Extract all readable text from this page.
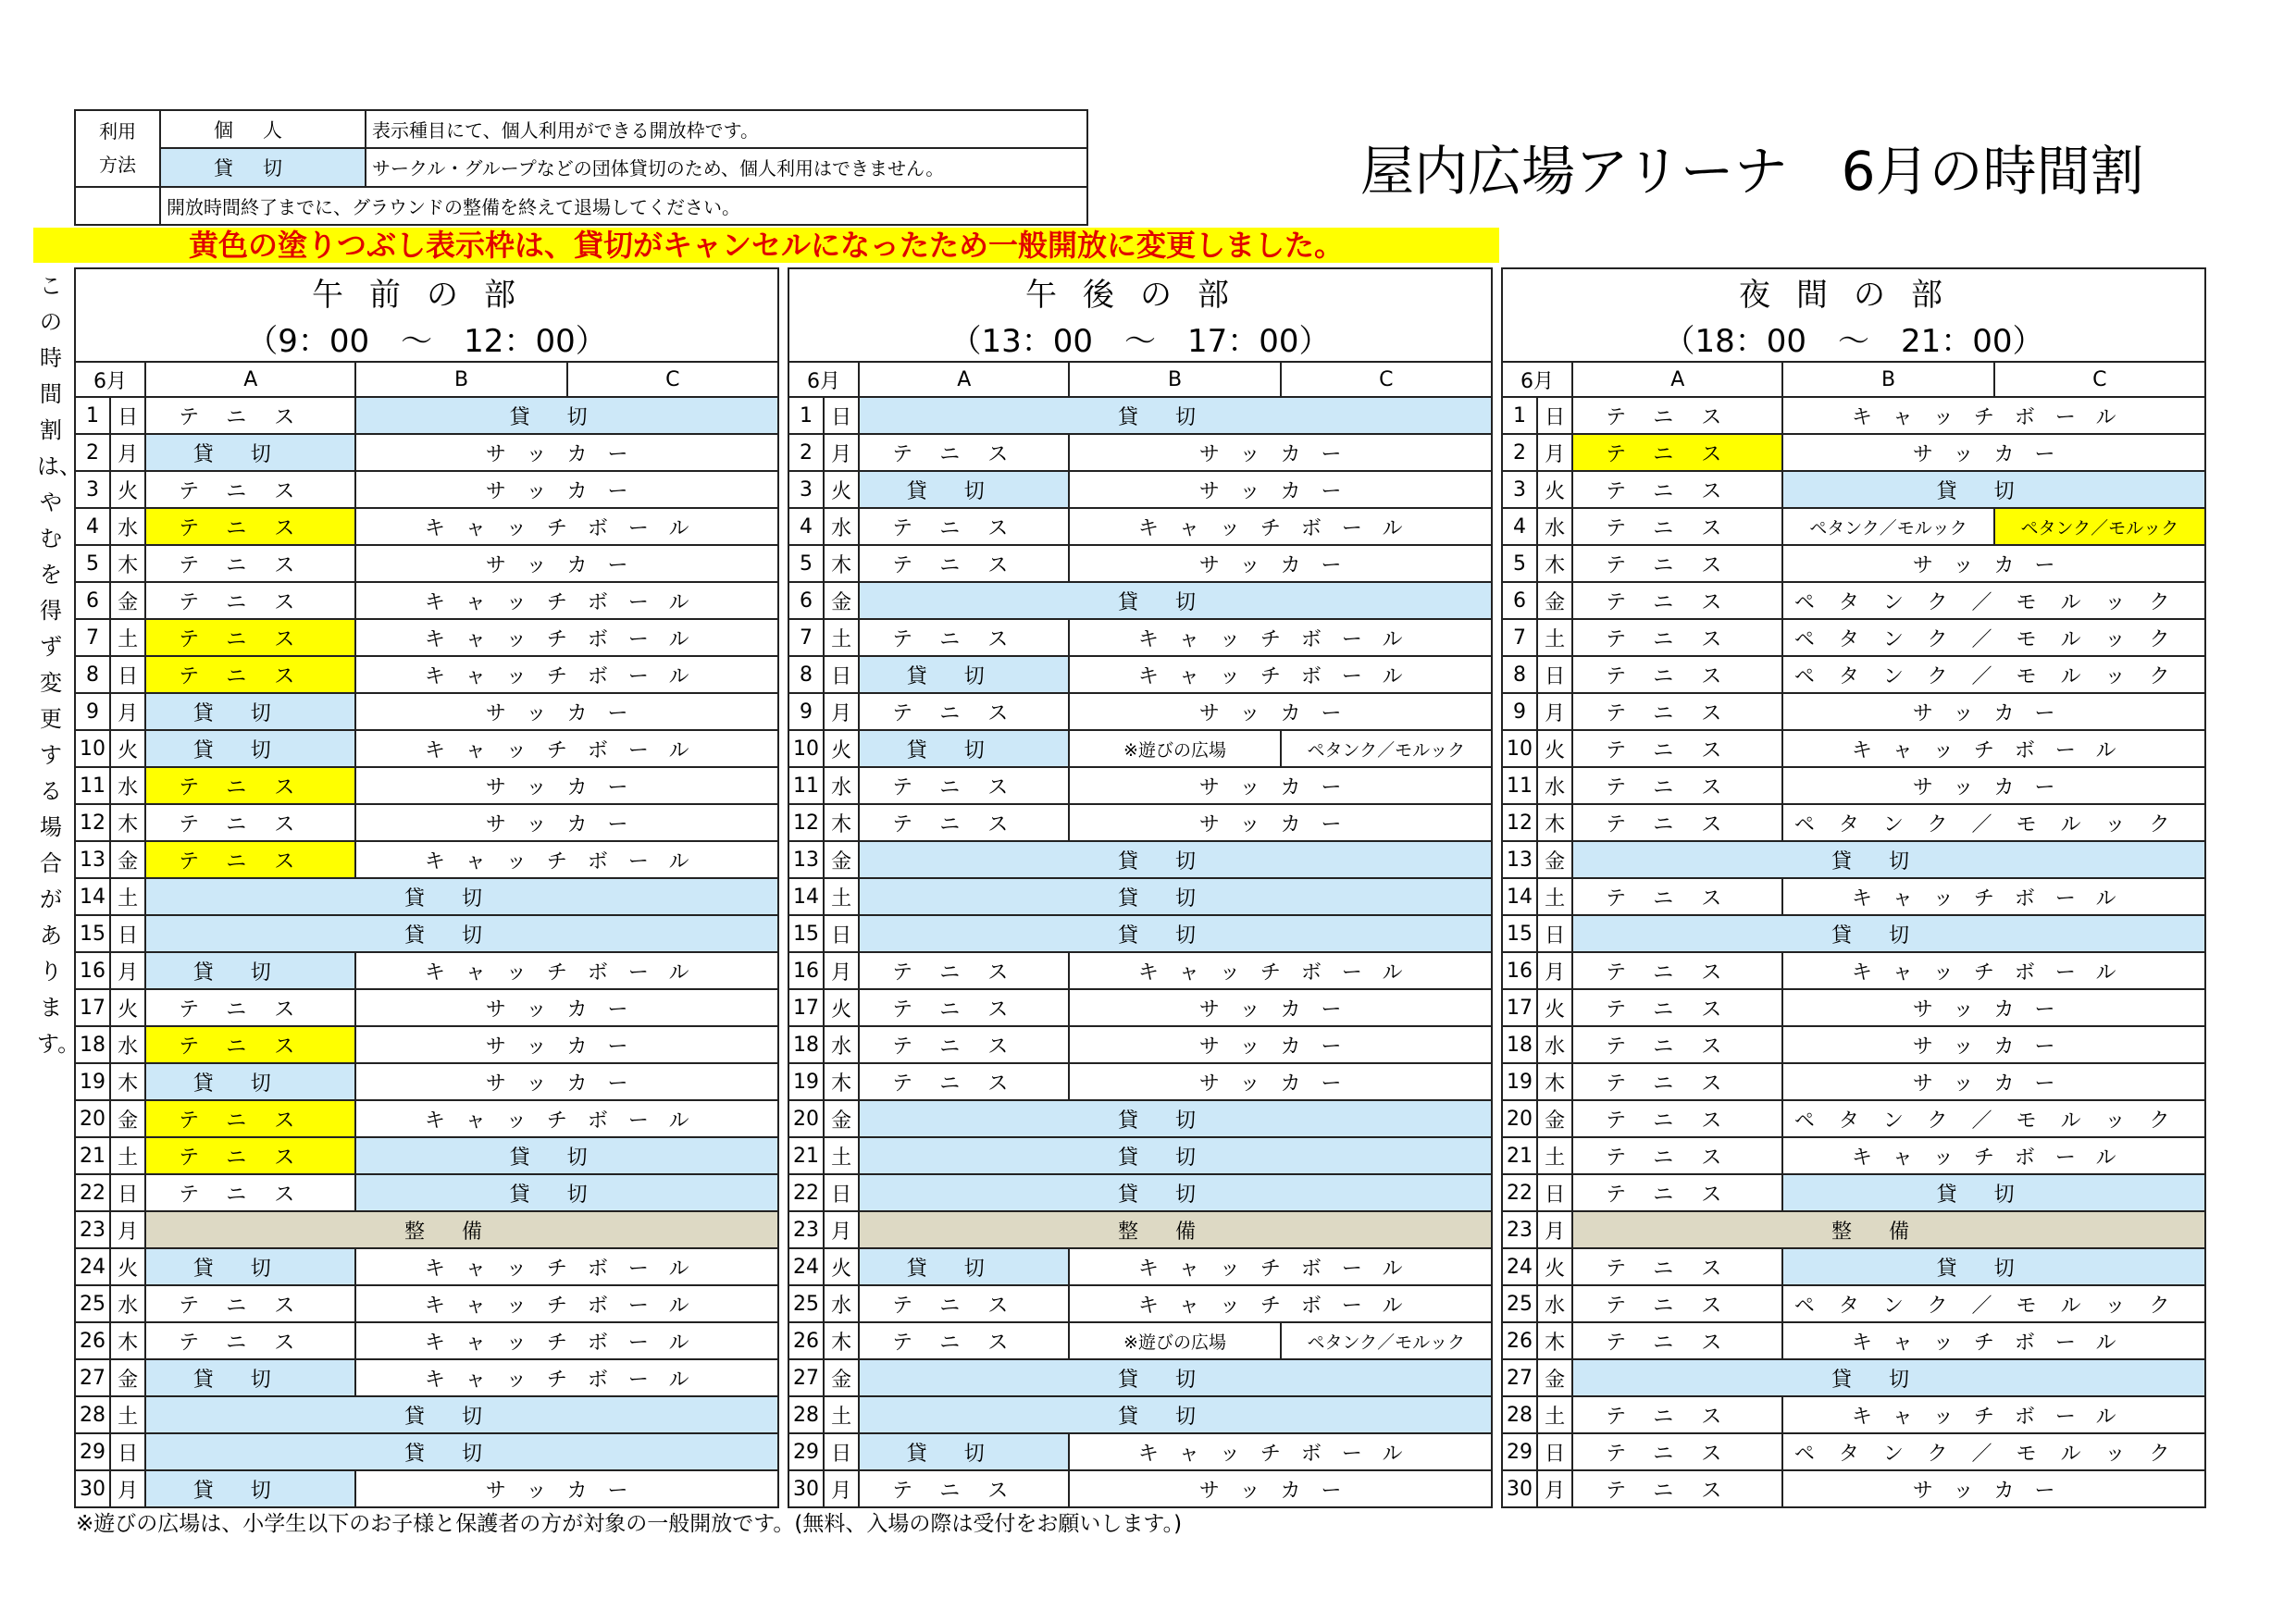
利用
方法	個人	表示種目にて、個人利用ができる開放枠です。
	貸切	サークル・グループなどの団体貸切のため、個人利用はできません。
	開放時間終了までに、グラウンドの整備を終えて退場してください。	
屋内広場アリーナ　6月の時間割
黄色の塗りつぶし表示枠は、貸切がキャンセルになったため一般開放に変更しました。
この時間割は、やむを得ず変更する場合があります。
午前の部				
（9：00　～　12：00）				
6月		A	B	C
1	日	テニス	貸切	
2	月	貸切	サッカー	
3	火	テニス	サッカー	
4	水	テニス	キャッチボール	
5	木	テニス	サッカー	
6	金	テニス	キャッチボール	
7	土	テニス	キャッチボール	
8	日	テニス	キャッチボール	
9	月	貸切	サッカー	
10	火	貸切	キャッチボール	
11	水	テニス	サッカー	
12	木	テニス	サッカー	
13	金	テニス	キャッチボール	
14	土	貸切		
15	日	貸切		
16	月	貸切	キャッチボール	
17	火	テニス	サッカー	
18	水	テニス	サッカー	
19	木	貸切	サッカー	
20	金	テニス	キャッチボール	
21	土	テニス	貸切	
22	日	テニス	貸切	
23	月	整備		
24	火	貸切	キャッチボール	
25	水	テニス	キャッチボール	
26	木	テニス	キャッチボール	
27	金	貸切	キャッチボール	
28	土	貸切		
29	日	貸切		
30	月	貸切	サッカー	
午後の部				
（13：00　～　17：00）				
6月		A	B	C
1	日	貸切		
2	月	テニス	サッカー	
3	火	貸切	サッカー	
4	水	テニス	キャッチボール	
5	木	テニス	サッカー	
6	金	貸切		
7	土	テニス	キャッチボール	
8	日	貸切	キャッチボール	
9	月	テニス	サッカー	
10	火	貸切	※遊びの広場	ペタンク／モルック
11	水	テニス	サッカー	
12	木	テニス	サッカー	
13	金	貸切		
14	土	貸切		
15	日	貸切		
16	月	テニス	キャッチボール	
17	火	テニス	サッカー	
18	水	テニス	サッカー	
19	木	テニス	サッカー	
20	金	貸切		
21	土	貸切		
22	日	貸切		
23	月	整備		
24	火	貸切	キャッチボール	
25	水	テニス	キャッチボール	
26	木	テニス	※遊びの広場	ペタンク／モルック
27	金	貸切		
28	土	貸切		
29	日	貸切	キャッチボール	
30	月	テニス	サッカー	
夜間の部				
（18：00　～　21：00）				
6月		A	B	C
1	日	テニス	キャッチボール	
2	月	テニス	サッカー	
3	火	テニス	貸切	
4	水	テニス	ペタンク／モルック	ペタンク／モルック
5	木	テニス	サッカー	
6	金	テニス	ペタンク／モルック	
7	土	テニス	ペタンク／モルック	
8	日	テニス	ペタンク／モルック	
9	月	テニス	サッカー	
10	火	テニス	キャッチボール	
11	水	テニス	サッカー	
12	木	テニス	ペタンク／モルック	
13	金	貸切		
14	土	テニス	キャッチボール	
15	日	貸切		
16	月	テニス	キャッチボール	
17	火	テニス	サッカー	
18	水	テニス	サッカー	
19	木	テニス	サッカー	
20	金	テニス	ペタンク／モルック	
21	土	テニス	キャッチボール	
22	日	テニス	貸切	
23	月	整備		
24	火	テニス	貸切	
25	水	テニス	ペタンク／モルック	
26	木	テニス	キャッチボール	
27	金	貸切		
28	土	テニス	キャッチボール	
29	日	テニス	ペタンク／モルック	
30	月	テニス	サッカー	
※遊びの広場は、小学生以下のお子様と保護者の方が対象の一般開放です。(無料、入場の際は受付をお願いします。)
